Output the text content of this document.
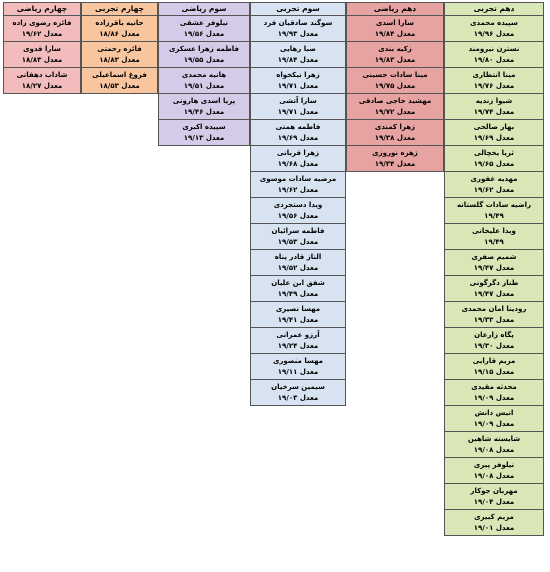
دهم تجربی
سپیده محمدی
معدل ۱۹/۹۶
نسترن نیرومند
معدل ۱۹/۸۰
مینا انتظاری
معدل ۱۹/۷۶
شیوا زندیه
معدل ۱۹/۷۴
بهار صالحی
معدل ۱۹/۶۹
ثریا یخچالی
معدل ۱۹/۶۵
مهدیه غفوری
معدل ۱۹/۶۲
راضیه سادات گلستانه
۱۹/۴۹
ویدا علیخانی
۱۹/۴۹
شمیم صفری
معدل ۱۹/۴۷
طناز دگرگونی
معدل ۱۹/۴۷
رودینا امان محمدی
معدل ۱۹/۳۳
پگاه زارعان
معدل ۱۹/۳۰
مریم قارایی
معدل ۱۹/۱۵
محدثه مقیدی
معدل ۱۹/۰۹
انیس دانش
معدل ۱۹/۰۹
شایسته شاهین
معدل ۱۹/۰۸
نیلوفر پیری
معدل ۱۹/۰۸
مهربان جوکار
معدل ۱۹/۰۴
مریم کبیری
معدل ۱۹/۰۱
دهم ریاضی
سارا اسدی
معدل ۱۹/۸۴
زکیه بندی
معدل ۱۹/۸۳
مینا سادات حسینی
معدل ۱۹/۷۵
مهشید حاجی صادقی
معدل ۱۹/۷۲
زهرا کمندی
معدل ۱۹/۳۸
زهره نوروزی
معدل ۱۹/۳۴
سوم تجربی
سوگند صادقیان فرد
معدل ۱۹/۹۳
صبا رهایی
معدل ۱۹/۸۴
زهرا نیکخواه
معدل ۱۹/۷۱
سارا آتشی
معدل ۱۹/۷۱
فاطمه همتی
معدل ۱۹/۶۹
زهرا قربانی
معدل ۱۹/۶۸
مرضیه سادات موسوی
معدل ۱۹/۶۲
ویدا دستجردی
معدل ۱۹/۵۶
فاطمه سرائیان
معدل ۱۹/۵۳
الناز قادر پناه
معدل ۱۹/۵۲
شفق ابن علیان
معدل ۱۹/۴۹
مهسا نصیری
معدل ۱۹/۴۱
آرزو عمرانی
معدل ۱۹/۲۴
مهسا منصوری
معدل ۱۹/۱۱
سیمین سرخیان
معدل ۱۹/۰۳
سوم ریاضی
نیلوفر عشقی
معدل ۱۹/۵۶
فاطمه زهرا عسکری
معدل ۱۹/۵۵
هانیه محمدی
معدل ۱۹/۵۱
پریا اسدی هارونی
معدل ۱۹/۴۶
سپیده اکبری
معدل ۱۹/۱۳
چهارم تجربی
حانیه باقرزاده
معدل ۱۸/۸۶
فائزه رحمتی
معدل ۱۸/۸۳
فروغ اسماعیلی
معدل ۱۸/۵۳
چهارم ریاضی
فائزه رضوی زاده
معدل ۱۹/۶۲
سارا قدوی
معدل ۱۸/۸۳
شاداب دهقانی
معدل ۱۸/۲۷
